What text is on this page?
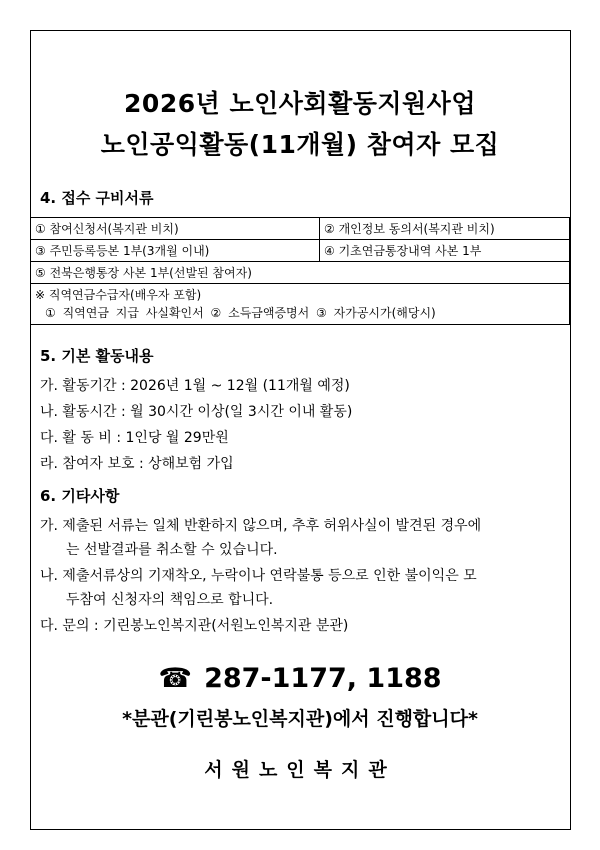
2026년 노인사회활동지원사업
노인공익활동(11개월) 참여자 모집
4. 접수 구비서류
① 참여신청서(복지관 비치)	② 개인정보 동의서(복지관 비치)
③ 주민등록등본 1부(3개월 이내)	④ 기초연금통장내역 사본 1부
⑤ 전북은행통장 사본 1부(선발된 참여자)	

※ 직역연금수급자(배우자 포함)
① 직역연금 지급 사실확인서 ② 소득금액증명서 ③ 자가공시가(해당시)	
5. 기본 활동내용
가. 활동기간 : 2026년 1월 ~ 12월 (11개월 예정)
나. 활동시간 : 월 30시간 이상(일 3시간 이내 활동)
다. 활 동 비 : 1인당 월 29만원
라. 참여자 보호 : 상해보험 가입
6. 기타사항
가. 제출된 서류는 일체 반환하지 않으며, 추후 허위사실이 발견된 경우에
는 선발결과를 취소할 수 있습니다.
나. 제출서류상의 기재착오, 누락이나 연락불통 등으로 인한 불이익은 모
두참여 신청자의 책임으로 합니다.
다. 문의 : 기린봉노인복지관(서원노인복지관 분관)
☎ 287-1177, 1188
*분관(기린봉노인복지관)에서 진행합니다*
서원노인복지관
